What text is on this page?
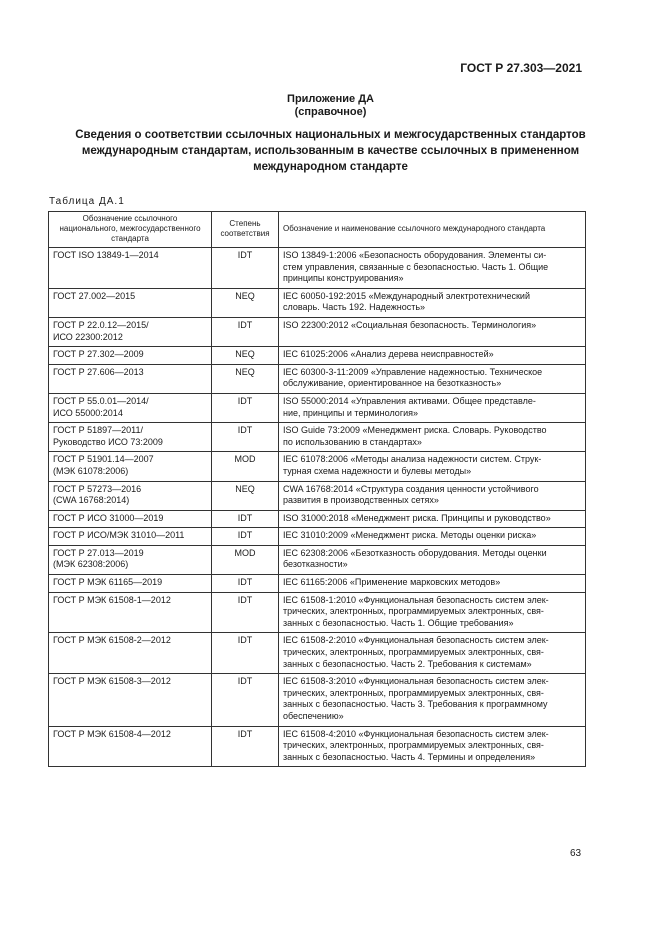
ГОСТ Р 27.303—2021
Приложение ДА
(справочное)
Сведения о соответствии ссылочных национальных и межгосударственных стандартов международным стандартам, использованным в качестве ссылочных в примененном международном стандарте
Таблица ДА.1
Обозначение ссылочного национального, межгосударственного стандарта	Степень соответствия	Обозначение и наименование ссылочного международного стандарта
ГОСТ ISO 13849-1—2014	IDT	ISO 13849-1:2006 «Безопасность оборудования. Элементы си-
стем управления, связанные с безопасностью. Часть 1. Общие
принципы конструирования»
ГОСТ 27.002—2015	NEQ	IEC 60050-192:2015 «Международный электротехнический
словарь. Часть 192. Надежность»
ГОСТ Р 22.0.12—2015/
ИСО 22300:2012	IDT	ISO 22300:2012 «Социальная безопасность. Терминология»
ГОСТ Р 27.302—2009	NEQ	IEC 61025:2006 «Анализ дерева неисправностей»
ГОСТ Р 27.606—2013	NEQ	IEC 60300-3-11:2009 «Управление надежностью. Техническое
обслуживание, ориентированное на безотказность»
ГОСТ Р 55.0.01—2014/
ИСО 55000:2014	IDT	ISO 55000:2014 «Управления активами. Общее представле-
ние, принципы и терминология»
ГОСТ Р 51897—2011/
Руководство ИСО 73:2009	IDT	ISO Guide 73:2009 «Менеджмент риска. Словарь. Руководство
по использованию в стандартах»
ГОСТ Р 51901.14—2007
(МЭК 61078:2006)	MOD	IEC 61078:2006 «Методы анализа надежности систем. Струк-
турная схема надежности и булевы методы»
ГОСТ Р 57273—2016
(CWA 16768:2014)	NEQ	CWA 16768:2014 «Структура создания ценности устойчивого
развития в производственных сетях»
ГОСТ Р ИСО 31000—2019	IDT	ISO 31000:2018 «Менеджмент риска. Принципы и руководство»
ГОСТ Р ИСО/МЭК 31010—2011	IDT	IEC 31010:2009 «Менеджмент риска. Методы оценки риска»
ГОСТ Р 27.013—2019
(МЭК 62308:2006)	MOD	IEC 62308:2006 «Безотказность оборудования. Методы оценки
безотказности»
ГОСТ Р МЭК 61165—2019	IDT	IEC 61165:2006 «Применение марковских методов»
ГОСТ Р МЭК 61508-1—2012	IDT	IEC 61508-1:2010 «Функциональная безопасность систем элек-
трических, электронных, программируемых электронных, свя-
занных с безопасностью. Часть 1. Общие требования»
ГОСТ Р МЭК 61508-2—2012	IDT	IEC 61508-2:2010 «Функциональная безопасность систем элек-
трических, электронных, программируемых электронных, свя-
занных с безопасностью. Часть 2. Требования к системам»
ГОСТ Р МЭК 61508-3—2012	IDT	IEC 61508-3:2010 «Функциональная безопасность систем элек-
трических, электронных, программируемых электронных, свя-
занных с безопасностью. Часть 3. Требования к программному
обеспечению»
ГОСТ Р МЭК 61508-4—2012	IDT	IEC 61508-4:2010 «Функциональная безопасность систем элек-
трических, электронных, программируемых электронных, свя-
занных с безопасностью. Часть 4. Термины и определения»
63
